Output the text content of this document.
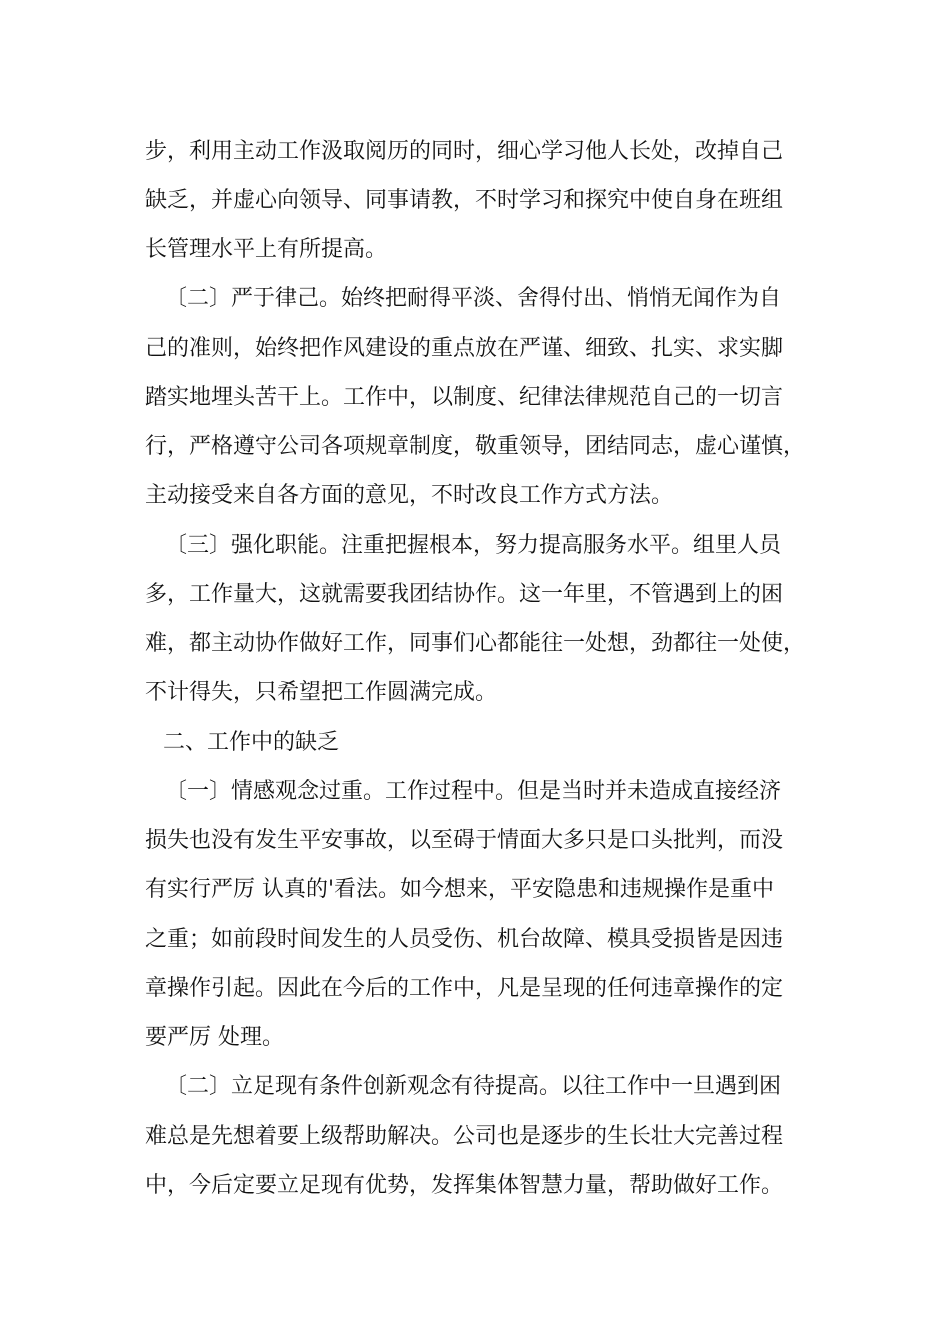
步，利用主动工作汲取阅历的同时，细心学习他人长处，改掉自己
缺乏，并虚心向领导、同事请教，不时学习和探究中使自身在班组
长管理水平上有所提高。
〔二〕严于律己。始终把耐得平淡、舍得付出、悄悄无闻作为自
己的准则，始终把作风建设的重点放在严谨、细致、扎实、求实脚
踏实地埋头苦干上。工作中，以制度、纪律法律规范自己的一切言
行，严格遵守公司各项规章制度，敬重领导，团结同志，虚心谨慎，
主动接受来自各方面的意见，不时改良工作方式方法。
〔三〕强化职能。注重把握根本，努力提高服务水平。组里人员
多，工作量大，这就需要我团结协作。这一年里，不管遇到上的困
难，都主动协作做好工作，同事们心都能往一处想，劲都往一处使，
不计得失，只希望把工作圆满完成。
二、工作中的缺乏
〔一〕情感观念过重。工作过程中。但是当时并未造成直接经济
损失也没有发生平安事故，以至碍于情面大多只是口头批判，而没
有实行严厉 认真的'看法。如今想来，平安隐患和违规操作是重中
之重；如前段时间发生的人员受伤、机台故障、模具受损皆是因违
章操作引起。因此在今后的工作中，凡是呈现的任何违章操作的定
要严厉 处理。
〔二〕立足现有条件创新观念有待提高。以往工作中一旦遇到困
难总是先想着要上级帮助解决。公司也是逐步的生长壮大完善过程
中，今后定要立足现有优势，发挥集体智慧力量，帮助做好工作。
